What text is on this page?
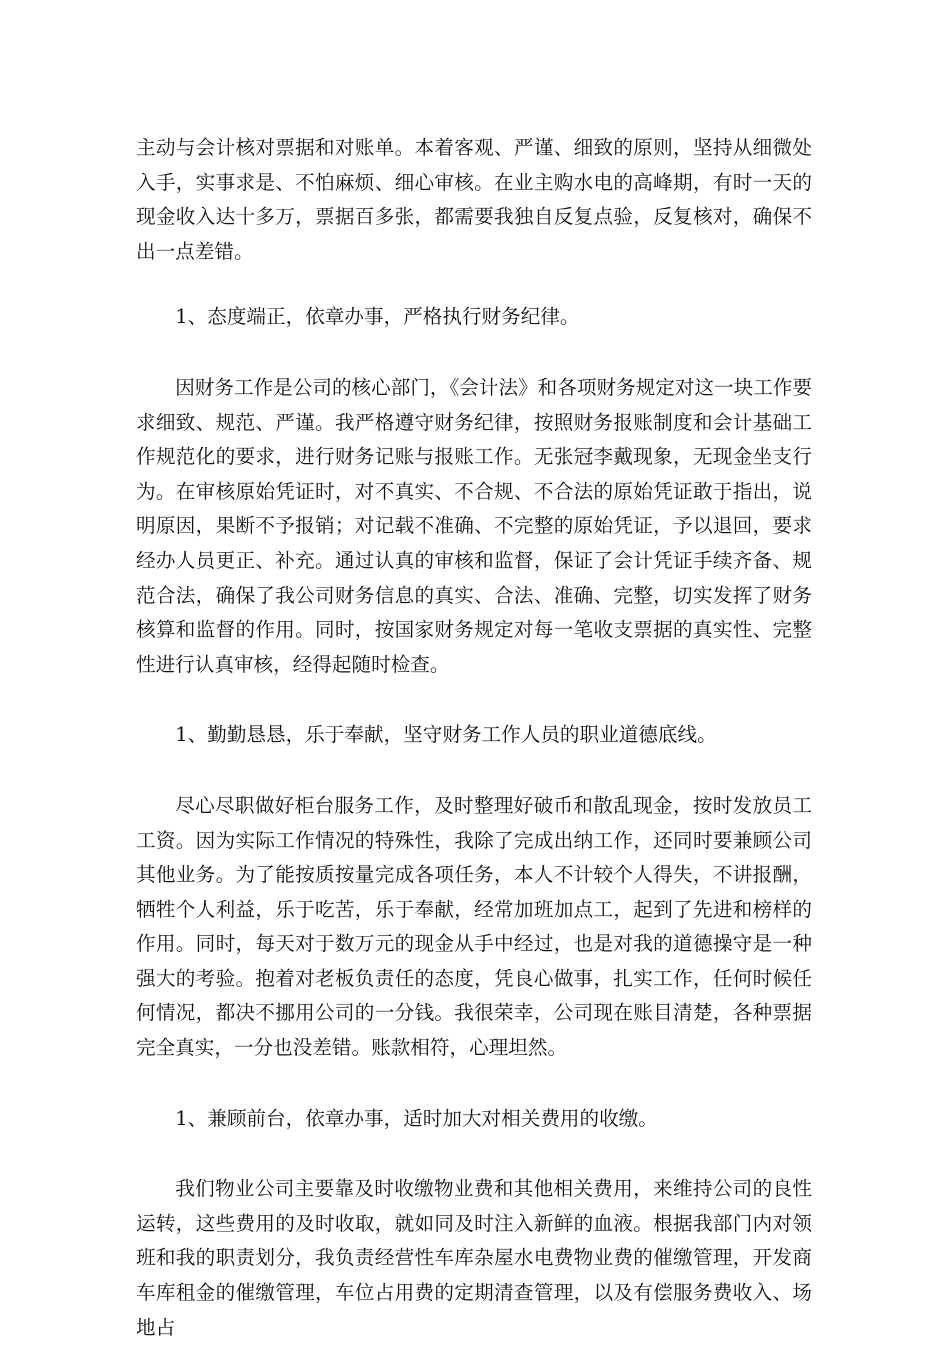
主动与会计核对票据和对账单。本着客观、严谨、细致的原则，坚持从细微处入手，实事求是、不怕麻烦、细心审核。在业主购水电的高峰期，有时一天的现金收入达十多万，票据百多张，都需要我独自反复点验，反复核对，确保不出一点差错。

1、态度端正，依章办事，严格执行财务纪律。

因财务工作是公司的核心部门，《会计法》和各项财务规定对这一块工作要求细致、规范、严谨。我严格遵守财务纪律，按照财务报账制度和会计基础工作规范化的要求，进行财务记账与报账工作。无张冠李戴现象，无现金坐支行为。在审核原始凭证时，对不真实、不合规、不合法的原始凭证敢于指出，说明原因，果断不予报销；对记载不准确、不完整的原始凭证，予以退回，要求经办人员更正、补充。通过认真的审核和监督，保证了会计凭证手续齐备、规范合法，确保了我公司财务信息的真实、合法、准确、完整，切实发挥了财务核算和监督的作用。同时，按国家财务规定对每一笔收支票据的真实性、完整性进行认真审核，经得起随时检查。

1、勤勤恳恳，乐于奉献，坚守财务工作人员的职业道德底线。

尽心尽职做好柜台服务工作，及时整理好破币和散乱现金，按时发放员工工资。因为实际工作情况的特殊性，我除了完成出纳工作，还同时要兼顾公司其他业务。为了能按质按量完成各项任务，本人不计较个人得失，不讲报酬，牺牲个人利益，乐于吃苦，乐于奉献，经常加班加点工，起到了先进和榜样的作用。同时，每天对于数万元的现金从手中经过，也是对我的道德操守是一种强大的考验。抱着对老板负责任的态度，凭良心做事，扎实工作，任何时候任何情况，都决不挪用公司的一分钱。我很荣幸，公司现在账目清楚，各种票据完全真实，一分也没差错。账款相符，心理坦然。

1、兼顾前台，依章办事，适时加大对相关费用的收缴。

我们物业公司主要靠及时收缴物业费和其他相关费用，来维持公司的良性运转，这些费用的及时收取，就如同及时注入新鲜的血液。根据我部门内对领班和我的职责划分，我负责经营性车库杂屋水电费物业费的催缴管理，开发商车库租金的催缴管理，车位占用费的定期清查管理，以及有偿服务费收入、场地占
